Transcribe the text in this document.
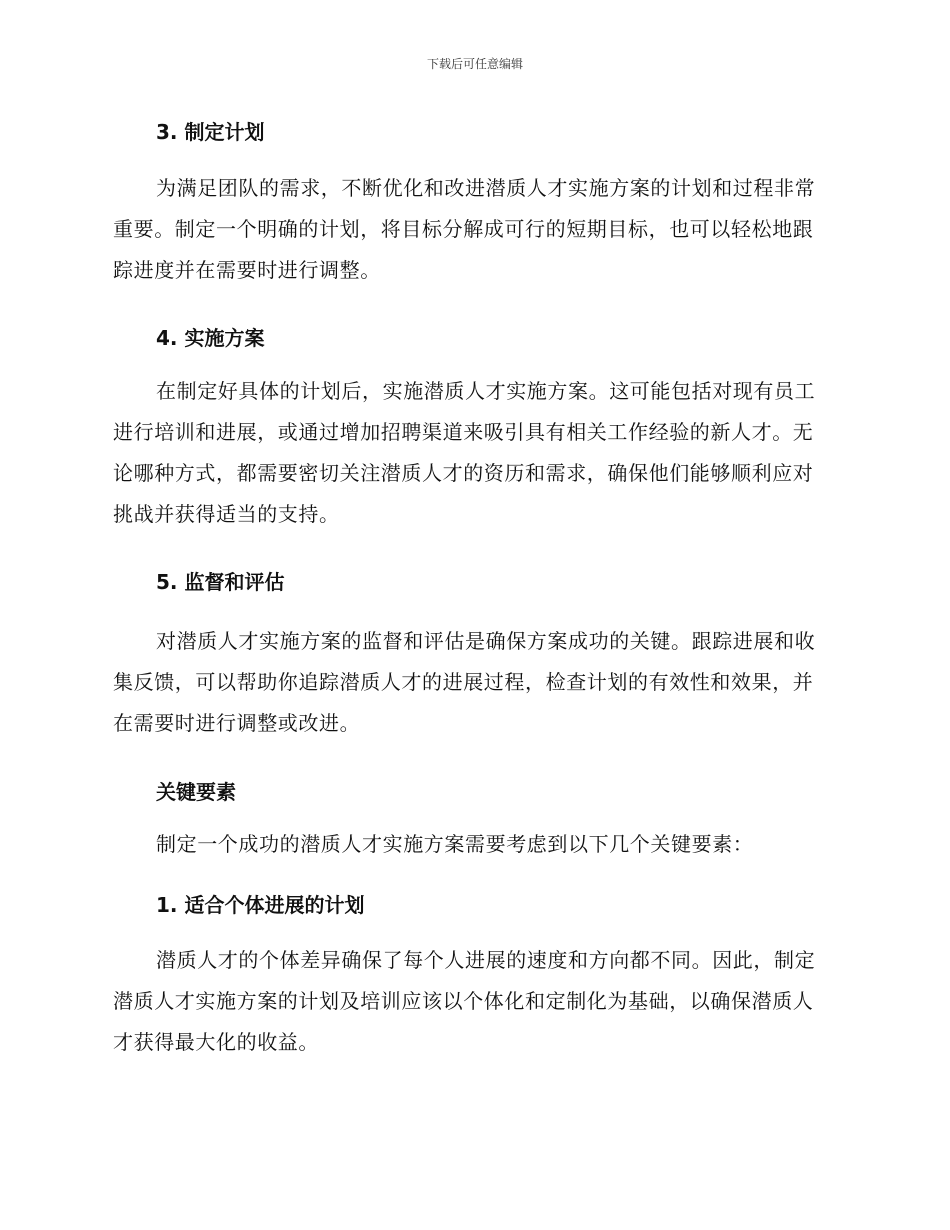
下载后可任意编辑
3. 制定计划

为满足团队的需求，不断优化和改进潜质人才实施方案的计划和过程非常重要。制定一个明确的计划，将目标分解成可行的短期目标，也可以轻松地跟踪进度并在需要时进行调整。

4. 实施方案

在制定好具体的计划后，实施潜质人才实施方案。这可能包括对现有员工进行培训和进展，或通过增加招聘渠道来吸引具有相关工作经验的新人才。无论哪种方式，都需要密切关注潜质人才的资历和需求，确保他们能够顺利应对挑战并获得适当的支持。

5. 监督和评估

对潜质人才实施方案的监督和评估是确保方案成功的关键。跟踪进展和收集反馈，可以帮助你追踪潜质人才的进展过程，检查计划的有效性和效果，并在需要时进行调整或改进。

关键要素

制定一个成功的潜质人才实施方案需要考虑到以下几个关键要素：

1. 适合个体进展的计划

潜质人才的个体差异确保了每个人进展的速度和方向都不同。因此，制定潜质人才实施方案的计划及培训应该以个体化和定制化为基础，以确保潜质人才获得最大化的收益。
